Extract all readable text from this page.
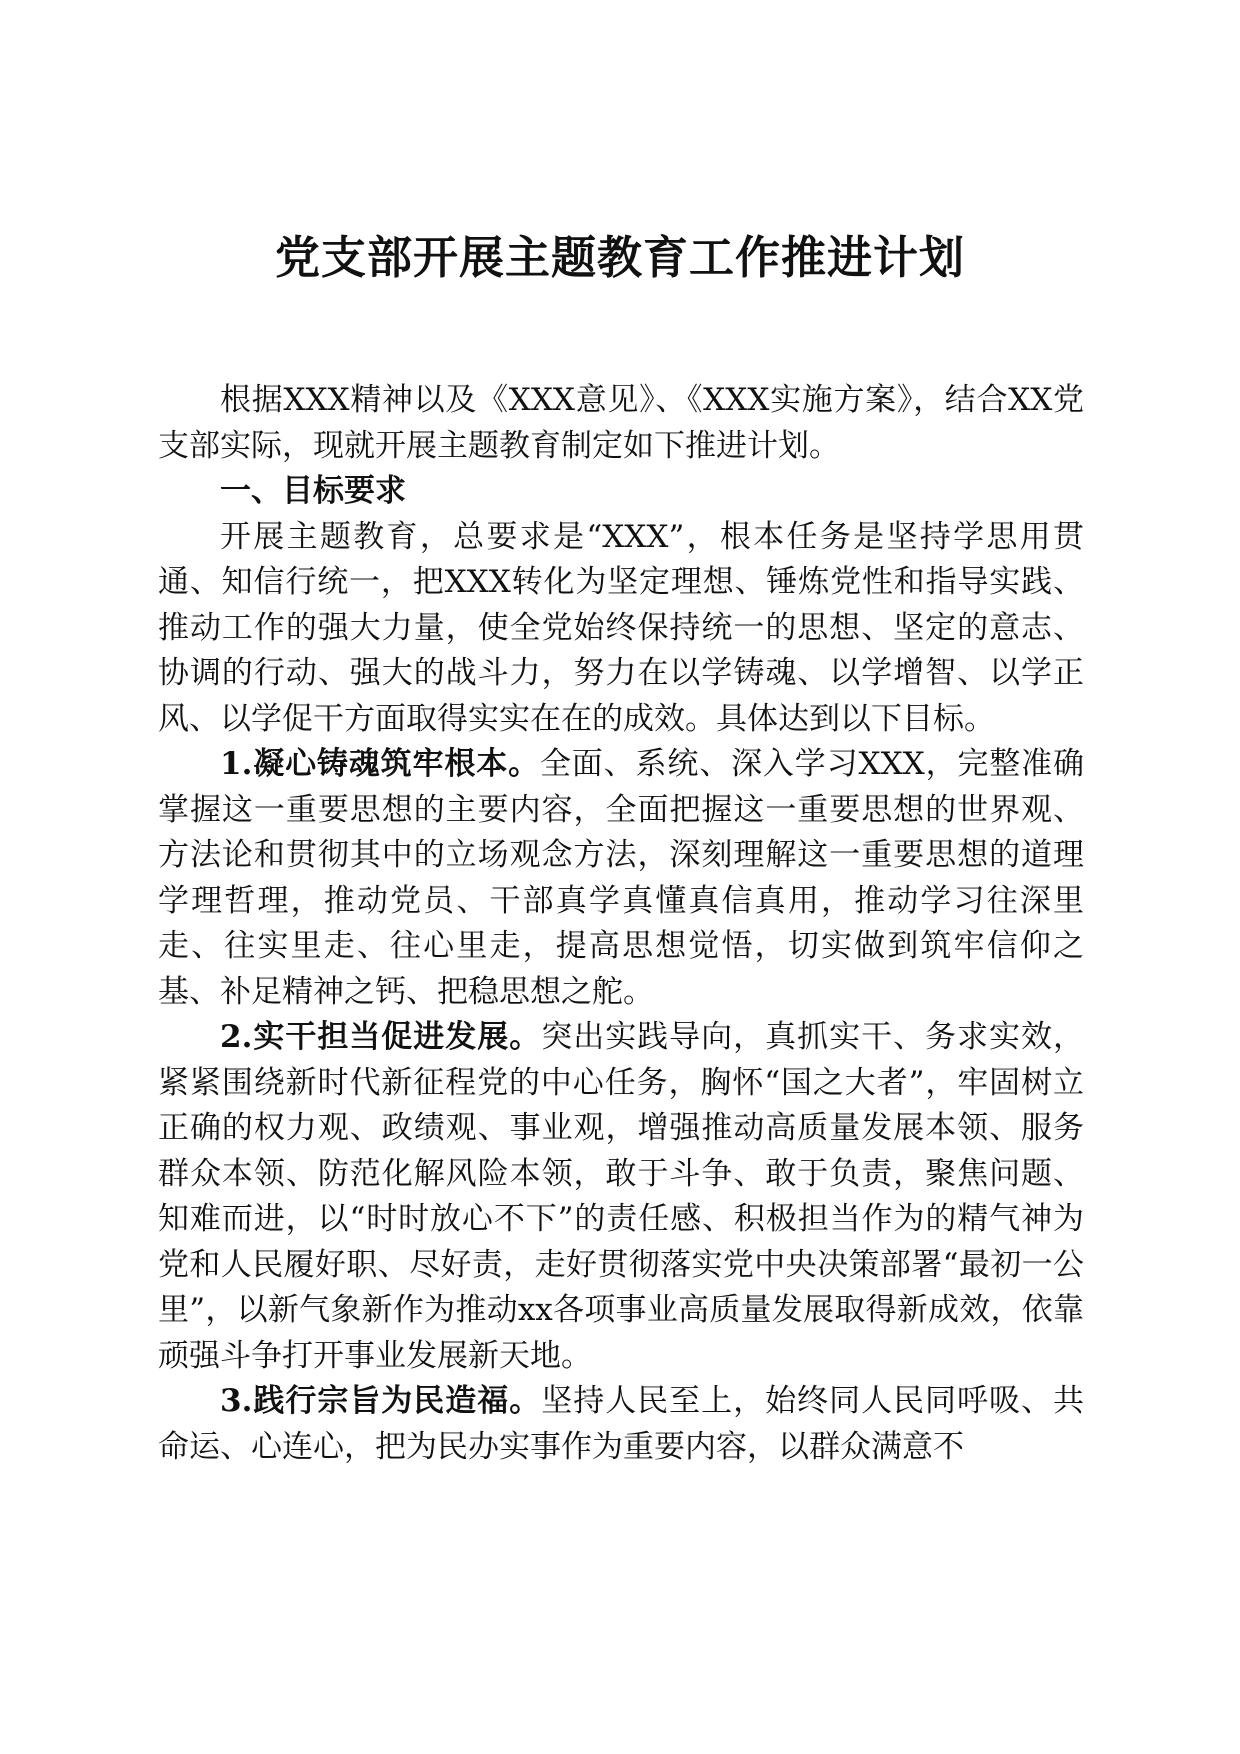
党支部开展主题教育工作推进计划

根据XXX精神以及《XXX意见》、《XXX实施方案》，结合XX党支部实际，现就开展主题教育制定如下推进计划。

一、目标要求

开展主题教育，总要求是“XXX”，根本任务是坚持学思用贯通、知信行统一，把XXX转化为坚定理想、锤炼党性和指导实践、推动工作的强大力量，使全党始终保持统一的思想、坚定的意志、协调的行动、强大的战斗力，努力在以学铸魂、以学增智、以学正风、以学促干方面取得实实在在的成效。具体达到以下目标。

1.凝心铸魂筑牢根本。全面、系统、深入学习XXX，完整准确掌握这一重要思想的主要内容，全面把握这一重要思想的世界观、方法论和贯彻其中的立场观念方法，深刻理解这一重要思想的道理学理哲理，推动党员、干部真学真懂真信真用，推动学习往深里走、往实里走、往心里走，提高思想觉悟，切实做到筑牢信仰之基、补足精神之钙、把稳思想之舵。

2.实干担当促进发展。突出实践导向，真抓实干、务求实效，紧紧围绕新时代新征程党的中心任务，胸怀“国之大者”，牢固树立正确的权力观、政绩观、事业观，增强推动高质量发展本领、服务群众本领、防范化解风险本领，敢于斗争、敢于负责，聚焦问题、知难而进，以“时时放心不下”的责任感、积极担当作为的精气神为党和人民履好职、尽好责，走好贯彻落实党中央决策部署“最初一公里”，以新气象新作为推动xx各项事业高质量发展取得新成效，依靠顽强斗争打开事业发展新天地。

3.践行宗旨为民造福。坚持人民至上，始终同人民同呼吸、共命运、心连心，把为民办实事作为重要内容，以群众满意不
